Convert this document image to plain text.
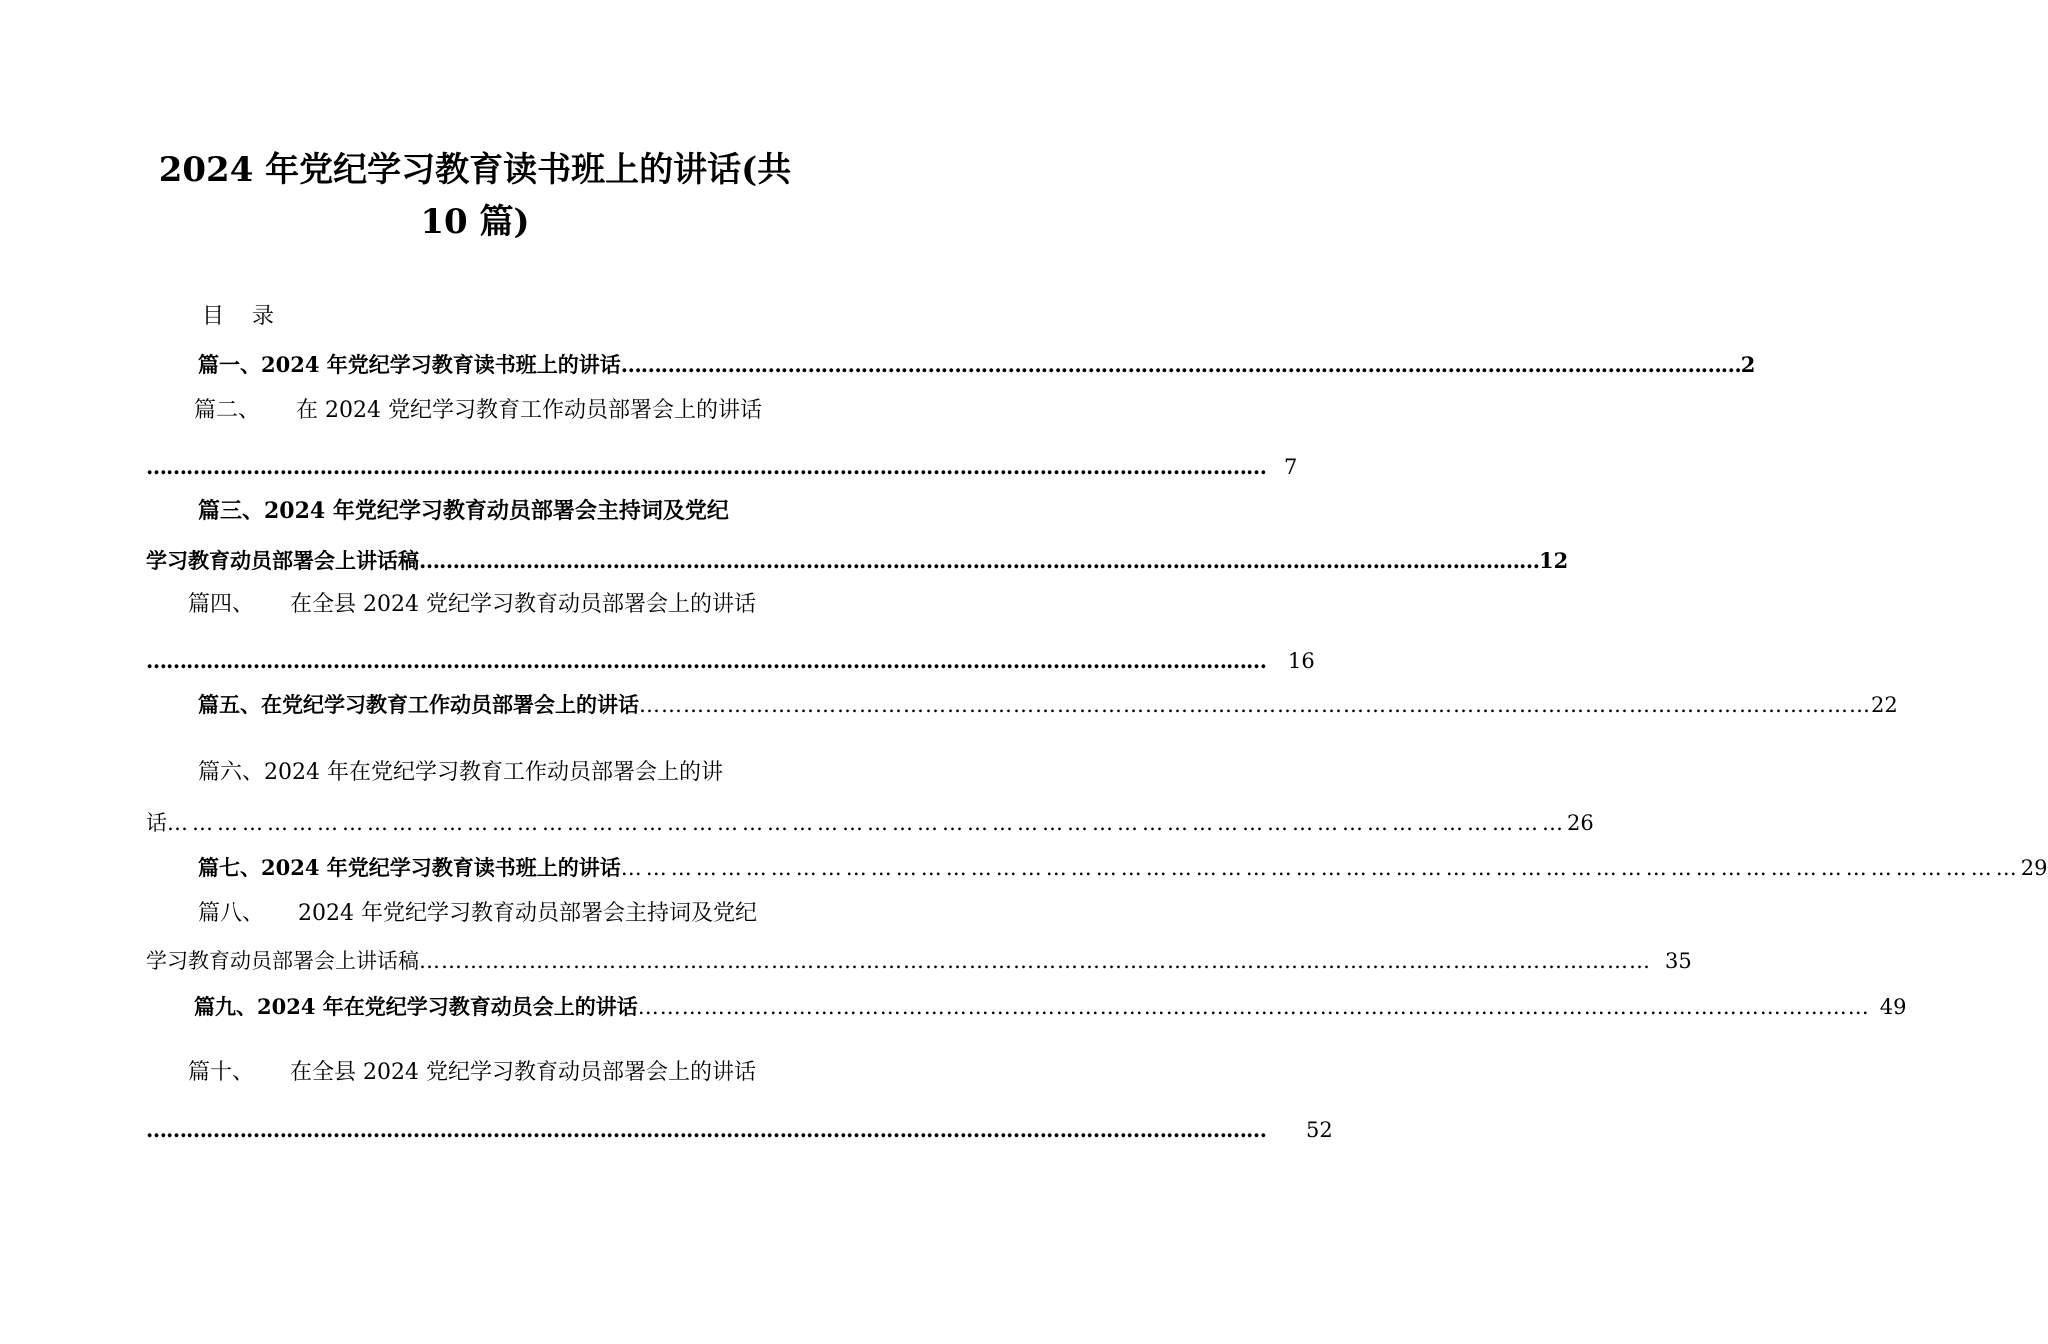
2024 年党纪学习教育读书班上的讲话(共
10 篇)
目 录
篇一、2024 年党纪学习教育读书班上的讲话 …………………………………………………………………………………………………………………………………………………… 2
篇二、 在 2024 党纪学习教育工作动员部署会上的讲话
…………………………………………………………………………………………………………………………………………………… 7
篇三、2024 年党纪学习教育动员部署会主持词及党纪
学习教育动员部署会上讲话稿 …………………………………………………………………………………………………………………………………………………… 12
篇四、 在全县 2024 党纪学习教育动员部署会上的讲话
……………………………………………………………………………………………………………………………………………………	16
篇五、在党纪学习教育工作动员部署会上的讲话 …………………………………………………………………………………………………………………………………………………… 22
篇六、2024 年在党纪学习教育工作动员部署会上的讲
话 …………………………………………………………………………………………………………………………………………………… 26
篇七、2024 年党纪学习教育读书班上的讲话 …………………………………………………………………………………………………………………………………………………… 29
篇八、 2024 年党纪学习教育动员部署会主持词及党纪
学习教育动员部署会上讲话稿 …………………………………………………………………………………………………………………………………………………… 35
篇九、2024 年在党纪学习教育动员会上的讲话 …………………………………………………………………………………………………………………………………………………… 49
篇十、 在全县 2024 党纪学习教育动员部署会上的讲话
……………………………………………………………………………………………………………………………………………………	52
